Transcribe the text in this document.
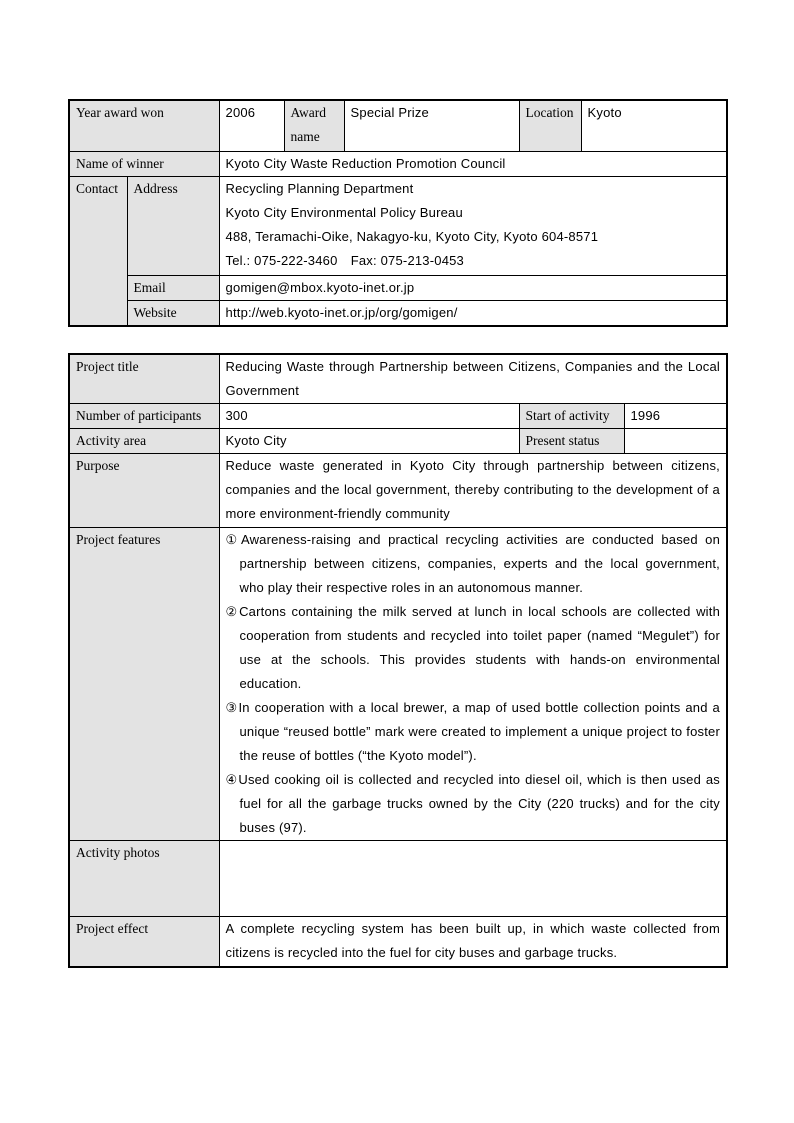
Year award won		2006	Award name	Special Prize	Location	Kyoto
Name of winner		Kyoto City Waste Reduction Promotion Council				
Contact	Address	Recycling Planning Department
Kyoto City Environmental Policy Bureau
488, Teramachi-Oike, Nakagyo-ku, Kyoto City, Kyoto 604-8571
Tel.: 075-222-3460　Fax: 075-213-0453				

	Email	gomigen@mbox.kyoto-inet.or.jp				
	Website	http://web.kyoto-inet.or.jp/org/gomigen/				
Project title	Reducing Waste through Partnership between Citizens, Companies and the Local Government		
Number of participants	300	Start of activity	1996
Activity area	Kyoto City	Present status	
Purpose	Reduce waste generated in Kyoto City through partnership between citizens, companies and the local government, thereby contributing to the development of a more environment-friendly community		
Project features	①Awareness-raising and practical recycling activities are conducted based on partnership between citizens, companies, experts and the local government, who play their respective roles in an autonomous manner.

②Cartons containing the milk served at lunch in local schools are collected with cooperation from students and recycled into toilet paper (named “Megulet”) for use at the schools. This provides students with hands-on environmental education.

③In cooperation with a local brewer, a map of used bottle collection points and a unique “reused bottle” mark were created to implement a unique project to foster the reuse of bottles (“the Kyoto model”).

④Used cooking oil is collected and recycled into diesel oil, which is then used as fuel for all the garbage trucks owned by the City (220 trucks) and for the city buses (97).		

Activity photos			
Project effect	A complete recycling system has been built up, in which waste collected from citizens is recycled into the fuel for city buses and garbage trucks.		
